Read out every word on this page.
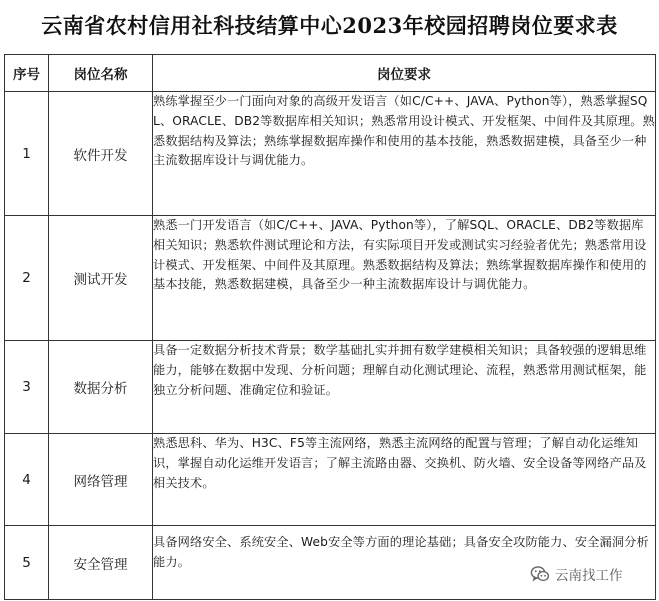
云南省农村信用社科技结算中心2023年校园招聘岗位要求表
序号	岗位名称	岗位要求
1	软件开发	熟练掌握至少一门面向对象的高级开发语言（如C/C++、JAVA、Python等），熟悉掌握SQL、ORACLE、DB2等数据库相关知识；熟悉常用设计模式、开发框架、中间件及其原理。熟悉数据结构及算法；熟练掌握数据库操作和使用的基本技能，熟悉数据建模，具备至少一种主流数据库设计与调优能力。
2	测试开发	熟悉一门开发语言（如C/C++、JAVA、Python等），了解SQL、ORACLE、DB2等数据库相关知识；熟悉软件测试理论和方法，有实际项目开发或测试实习经验者优先；熟悉常用设计模式、开发框架、中间件及其原理。熟悉数据结构及算法；熟练掌握数据库操作和使用的基本技能，熟悉数据建模，具备至少一种主流数据库设计与调优能力。
3	数据分析	具备一定数据分析技术背景；数学基础扎实并拥有数学建模相关知识；具备较强的逻辑思维能力，能够在数据中发现、分析问题；理解自动化测试理论、流程，熟悉常用测试框架，能独立分析问题、准确定位和验证。
4	网络管理	熟悉思科、华为、H3C、F5等主流网络，熟悉主流网络的配置与管理；了解自动化运维知识，掌握自动化运维开发语言；了解主流路由器、交换机、防火墙、安全设备等网络产品及相关技术。
5	安全管理	具备网络安全、系统安全、Web安全等方面的理论基础；具备安全攻防能力、安全漏洞分析能力。
云南找工作
